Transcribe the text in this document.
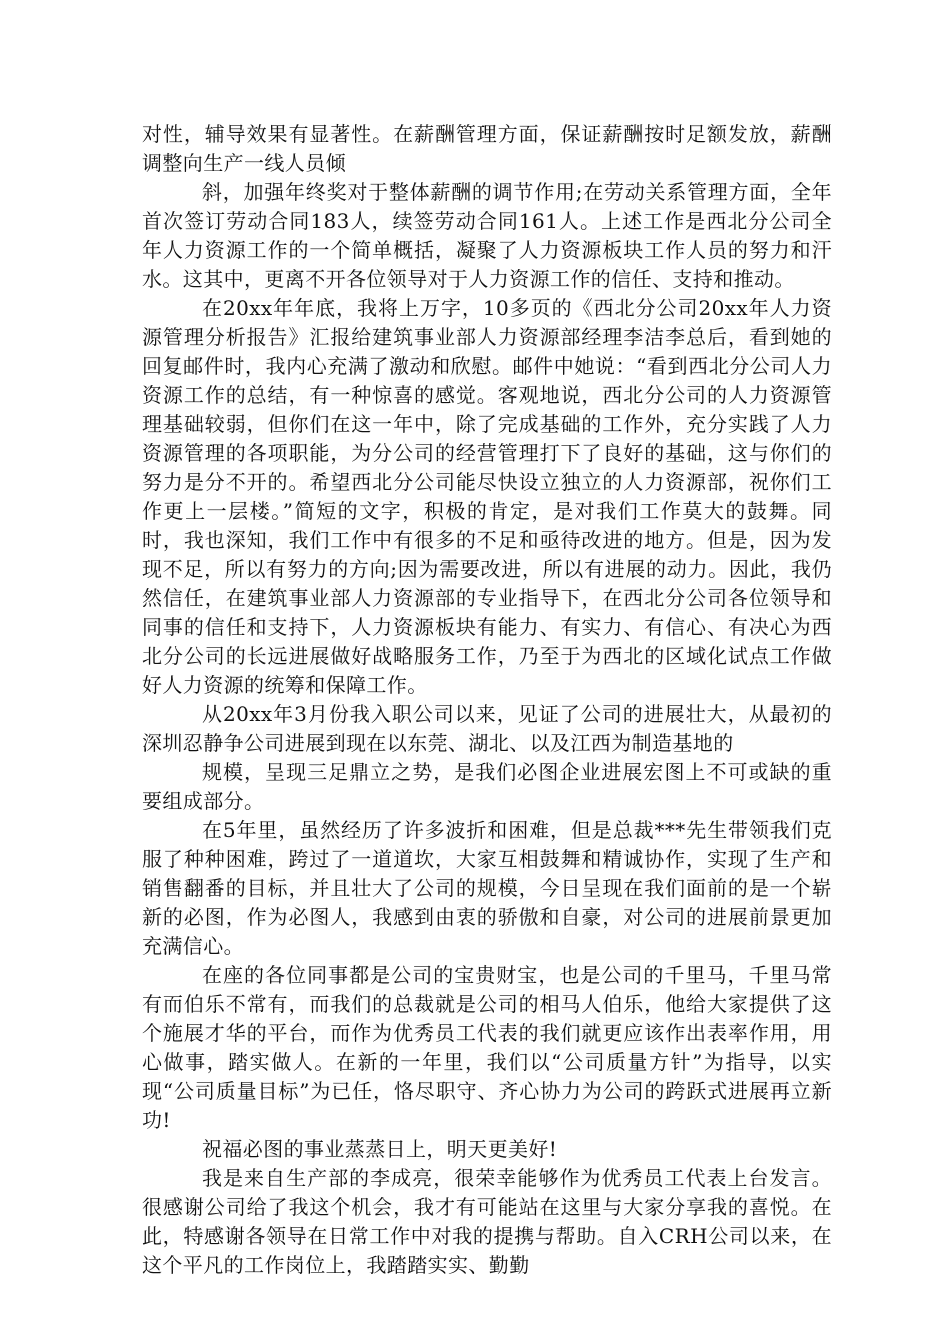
对性，辅导效果有显著性。在薪酬管理方面，保证薪酬按时足额发放，薪酬调整向生产一线人员倾

斜，加强年终奖对于整体薪酬的调节作用;在劳动关系管理方面，全年首次签订劳动合同183人，续签劳动合同161人。上述工作是西北分公司全年人力资源工作的一个简单概括，凝聚了人力资源板块工作人员的努力和汗水。这其中，更离不开各位领导对于人力资源工作的信任、支持和推动。

在20xx年年底，我将上万字，10多页的《西北分公司20xx年人力资源管理分析报告》汇报给建筑事业部人力资源部经理李洁李总后，看到她的回复邮件时，我内心充满了激动和欣慰。邮件中她说：“看到西北分公司人力资源工作的总结，有一种惊喜的感觉。客观地说，西北分公司的人力资源管理基础较弱，但你们在这一年中，除了完成基础的工作外，充分实践了人力资源管理的各项职能，为分公司的经营管理打下了良好的基础，这与你们的努力是分不开的。希望西北分公司能尽快设立独立的人力资源部，祝你们工作更上一层楼。”简短的文字，积极的肯定，是对我们工作莫大的鼓舞。同时，我也深知，我们工作中有很多的不足和亟待改进的地方。但是，因为发现不足，所以有努力的方向;因为需要改进，所以有进展的动力。因此，我仍然信任，在建筑事业部人力资源部的专业指导下，在西北分公司各位领导和同事的信任和支持下，人力资源板块有能力、有实力、有信心、有决心为西北分公司的长远进展做好战略服务工作，乃至于为西北的区域化试点工作做好人力资源的统筹和保障工作。

从20xx年3月份我入职公司以来，见证了公司的进展壮大，从最初的深圳忍静争公司进展到现在以东莞、湖北、以及江西为制造基地的

规模，呈现三足鼎立之势，是我们必图企业进展宏图上不可或缺的重要组成部分。

在5年里，虽然经历了许多波折和困难，但是总裁***先生带领我们克服了种种困难，跨过了一道道坎，大家互相鼓舞和精诚协作，实现了生产和销售翻番的目标，并且壮大了公司的规模，今日呈现在我们面前的是一个崭新的必图，作为必图人，我感到由衷的骄傲和自豪，对公司的进展前景更加充满信心。

在座的各位同事都是公司的宝贵财宝，也是公司的千里马，千里马常有而伯乐不常有，而我们的总裁就是公司的相马人伯乐，他给大家提供了这个施展才华的平台，而作为优秀员工代表的我们就更应该作出表率作用，用心做事，踏实做人。在新的一年里，我们以“公司质量方针”为指导，以实现“公司质量目标”为已任，恪尽职守、齐心协力为公司的跨跃式进展再立新功!

祝福必图的事业蒸蒸日上，明天更美好!

我是来自生产部的李成亮，很荣幸能够作为优秀员工代表上台发言。很感谢公司给了我这个机会，我才有可能站在这里与大家分享我的喜悦。在此，特感谢各领导在日常工作中对我的提携与帮助。自入CRH公司以来，在这个平凡的工作岗位上，我踏踏实实、勤勤
